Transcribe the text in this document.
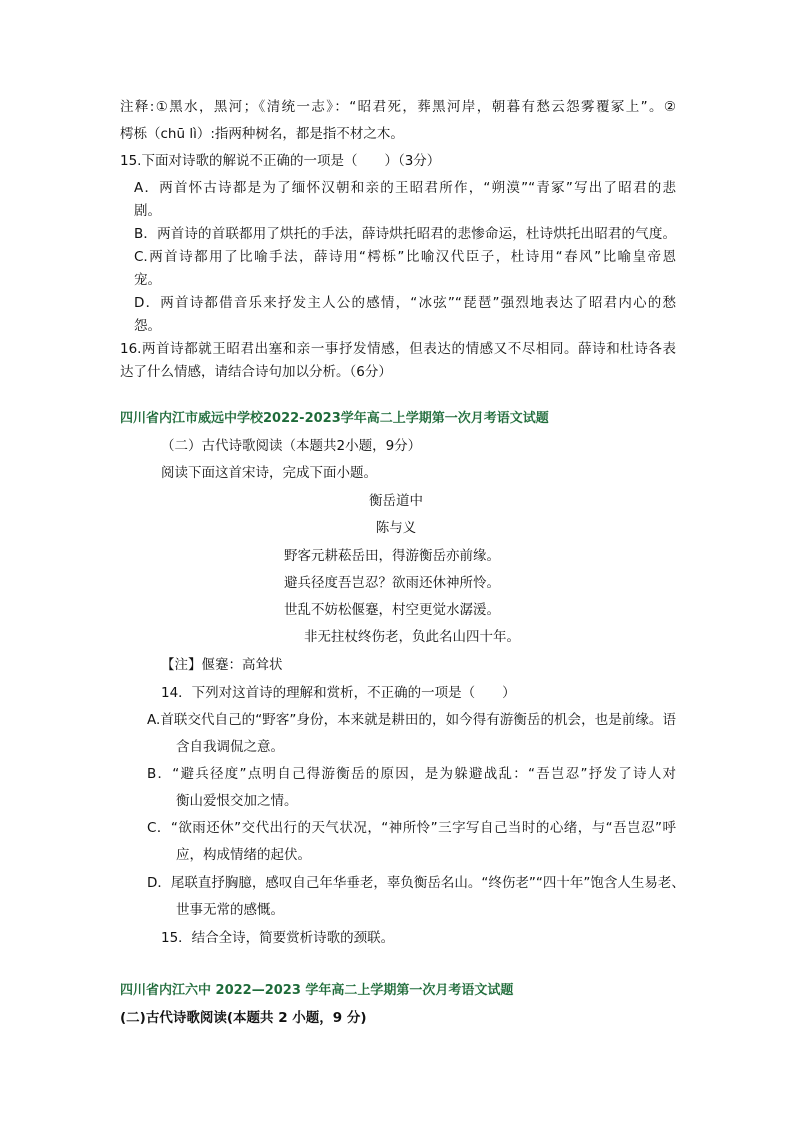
注释:①黑水，黑河；《清统一志》：“昭君死，葬黑河岸，朝暮有愁云怨雾覆冢上”。②
樗栎（chū lì）:指两种树名，都是指不材之木。
15.下面对诗歌的解说不正确的一项是（　　）（3分）
A．两首怀古诗都是为了缅怀汉朝和亲的王昭君所作，“朔漠”“青冢”写出了昭君的悲
剧。
B．两首诗的首联都用了烘托的手法，薛诗烘托昭君的悲惨命运，杜诗烘托出昭君的气度。
C.两首诗都用了比喻手法，薛诗用“樗栎”比喻汉代臣子，杜诗用“春风”比喻皇帝恩
宠。
D．两首诗都借音乐来抒发主人公的感情，“冰弦”“琵琶”强烈地表达了昭君内心的愁
怨。
16.两首诗都就王昭君出塞和亲一事抒发情感，但表达的情感又不尽相同。薛诗和杜诗各表
达了什么情感，请结合诗句加以分析。（6分）
四川省内江市威远中学校2022-2023学年高二上学期第一次月考语文试题
（二）古代诗歌阅读（本题共2小题，9分）
阅读下面这首宋诗，完成下面小题。
衡岳道中
陈与义
野客元耕菘岳田，得游衡岳亦前缘。
避兵径度吾岂忍？欲雨还休神所怜。
世乱不妨松偃蹇，村空更觉水潺湲。
非无拄杖终伤老，负此名山四十年。
【注】偃蹇：高耸状
14．下列对这首诗的理解和赏析，不正确的一项是（　　）
A.首联交代自己的“野客”身份，本来就是耕田的，如今得有游衡岳的机会，也是前缘。语
含自我调侃之意。
B．“避兵径度”点明自己得游衡岳的原因，是为躲避战乱：“吾岂忍”抒发了诗人对
衡山爱恨交加之情。
C．“欲雨还休”交代出行的天气状况，“神所怜”三字写自己当时的心绪，与“吾岂忍”呼
应，构成情绪的起伏。
D．尾联直抒胸臆，感叹自己年华垂老，辜负衡岳名山。“终伤老”“四十年”饱含人生易老、
世事无常的感慨。
15．结合全诗，简要赏析诗歌的颈联。
四川省内江六中 2022—2023 学年高二上学期第一次月考语文试题
(二)古代诗歌阅读(本题共 2 小题，9 分)
